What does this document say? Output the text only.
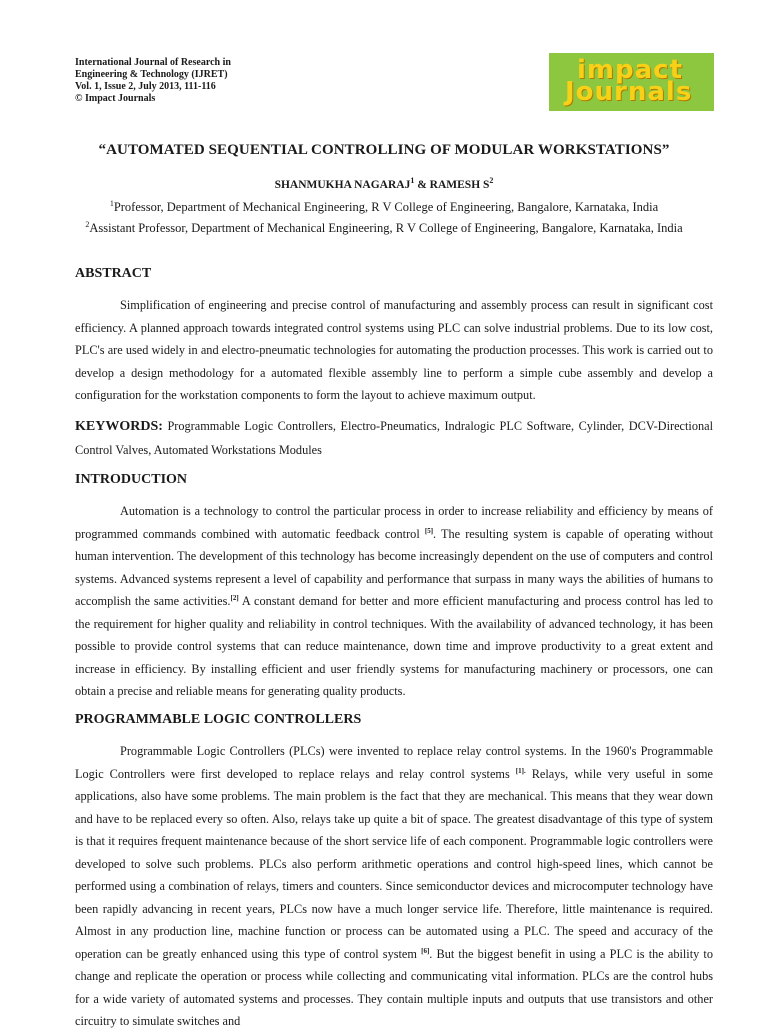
International Journal of Research in
Engineering & Technology (IJRET)
Vol. 1, Issue 2, July 2013, 111-116
© Impact Journals
impact
Journals
“AUTOMATED SEQUENTIAL CONTROLLING OF MODULAR WORKSTATIONS”
SHANMUKHA NAGARAJ$^1$ & RAMESH $S^2$
$^1$Professor, Department of Mechanical Engineering, R V College of Engineering, Bangalore, Karnataka, India
$^2$Assistant Professor, Department of Mechanical Engineering, R V College of Engineering, Bangalore, Karnataka, India
ABSTRACT

Simplification of engineering and precise control of manufacturing and assembly process can result in significant cost efficiency. A planned approach towards integrated control systems using PLC can solve industrial problems. Due to its low cost, PLC's are used widely in and electro-pneumatic technologies for automating the production processes. This work is carried out to develop a design methodology for a automated flexible assembly line to perform a simple cube assembly and develop a configuration for the workstation components to form the layout to achieve maximum output.

KEYWORDS: Programmable Logic Controllers, Electro-Pneumatics, Indralogic PLC Software, Cylinder, DCV-Directional Control Valves, Automated Workstations Modules

INTRODUCTION

Automation is a technology to control the particular process in order to increase reliability and efficiency by means of programmed commands combined with automatic feedback control [5]. The resulting system is capable of operating without human intervention. The development of this technology has become increasingly dependent on the use of computers and control systems. Advanced systems represent a level of capability and performance that surpass in many ways the abilities of humans to accomplish the same activities.[2] A constant demand for better and more efficient manufacturing and process control has led to the requirement for higher quality and reliability in control techniques. With the availability of advanced technology, it has been possible to provide control systems that can reduce maintenance, down time and improve productivity to a great extent and increase in efficiency. By installing efficient and user friendly systems for manufacturing machinery or processors, one can obtain a precise and reliable means for generating quality products.

PROGRAMMABLE LOGIC CONTROLLERS

Programmable Logic Controllers (PLCs) were invented to replace relay control systems. In the 1960's Programmable Logic Controllers were first developed to replace relays and relay control systems $^{[1].}$ Relays, while very useful in some applications, also have some problems. The main problem is the fact that they are mechanical. This means that they wear down and have to be replaced every so often. Also, relays take up quite a bit of space. The greatest disadvantage of this type of system is that it requires frequent maintenance because of the short service life of each component. Programmable logic controllers were developed to solve such problems. PLCs also perform arithmetic operations and control high-speed lines, which cannot be performed using a combination of relays, timers and counters. Since semiconductor devices and microcomputer technology have been rapidly advancing in recent years, PLCs now have a much longer service life. Therefore, little maintenance is required. Almost in any production line, machine function or process can be automated using a PLC. The speed and accuracy of the operation can be greatly enhanced using this type of control system [6]. But the biggest benefit in using a PLC is the ability to change and replicate the operation or process while collecting and communicating vital information. PLCs are the control hubs for a wide variety of automated systems and processes. They contain multiple inputs and outputs that use transistors and other circuitry to simulate switches and
